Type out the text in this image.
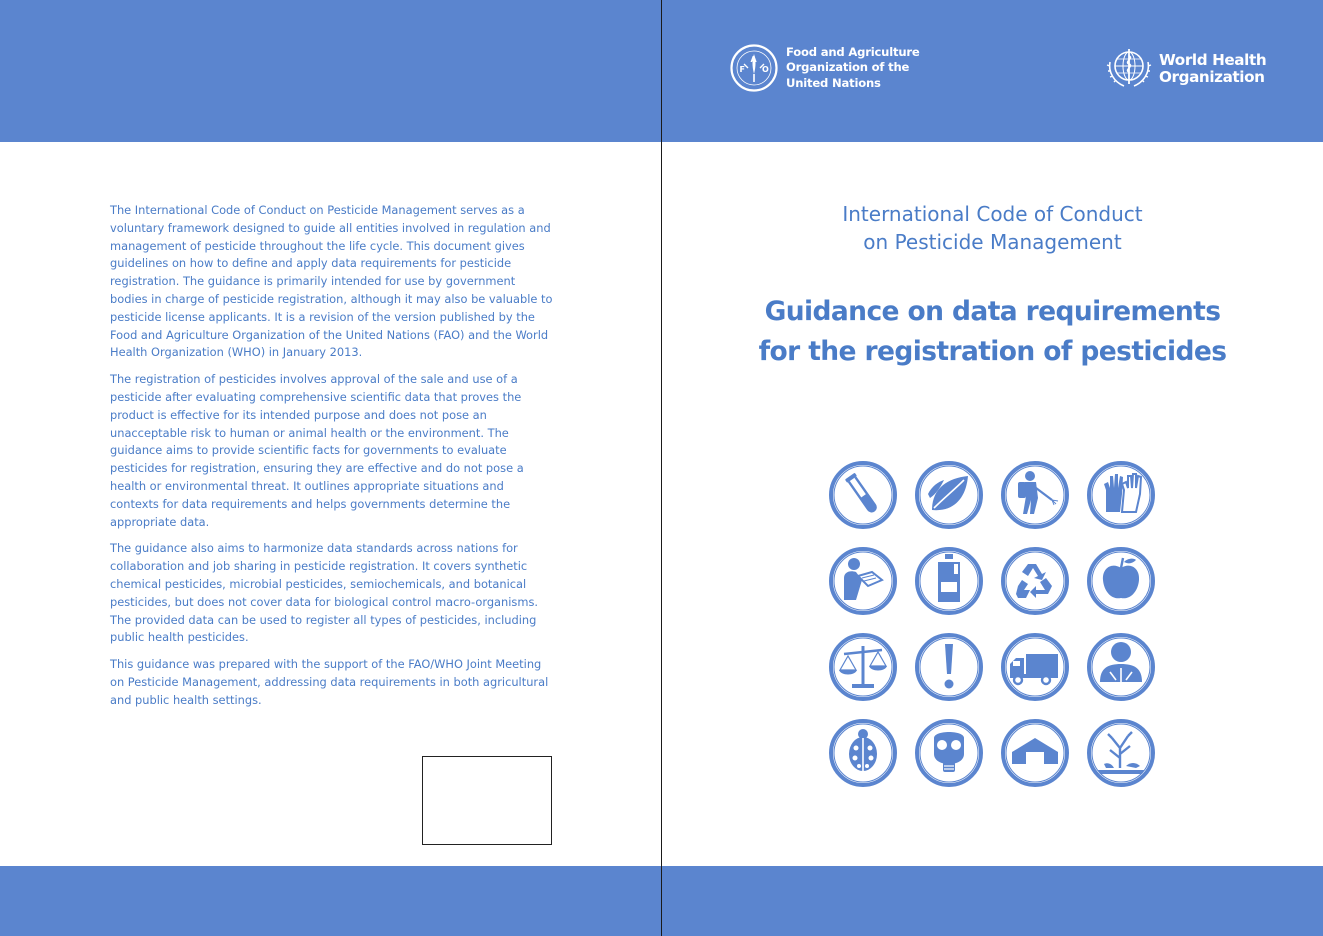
The International Code of Conduct on Pesticide Management serves as a voluntary framework designed to guide all entities involved in regulation and management of pesticide throughout the life cycle. This document gives guidelines on how to define and apply data requirements for pesticide registration. The guidance is primarily intended for use by government bodies in charge of pesticide registration, although it may also be valuable to pesticide license applicants. It is a revision of the version published by the Food and Agriculture Organization of the United Nations (FAO) and the World Health Organization (WHO) in January 2013.

The registration of pesticides involves approval of the sale and use of a pesticide after evaluating comprehensive scientific data that proves the product is effective for its intended purpose and does not pose an unacceptable risk to human or animal health or the environment. The guidance aims to provide scientific facts for governments to evaluate pesticides for registration, ensuring they are effective and do not pose a health or environmental threat. It outlines appropriate situations and contexts for data requirements and helps governments determine the appropriate data.

The guidance also aims to harmonize data standards across nations for collaboration and job sharing in pesticide registration. It covers synthetic chemical pesticides, microbial pesticides, semiochemicals, and botanical pesticides, but does not cover data for biological control macro-organisms. The provided data can be used to register all types of pesticides, including public health pesticides.

This guidance was prepared with the support of the FAO/WHO Joint Meeting on Pesticide Management, addressing data requirements in both agricultural and public health settings.

F
A
O
Food and Agriculture
Organization of the
United Nations
World Health
Organization
International Code of Conduct
on Pesticide Management
Guidance on data requirements
for the registration of pesticides
